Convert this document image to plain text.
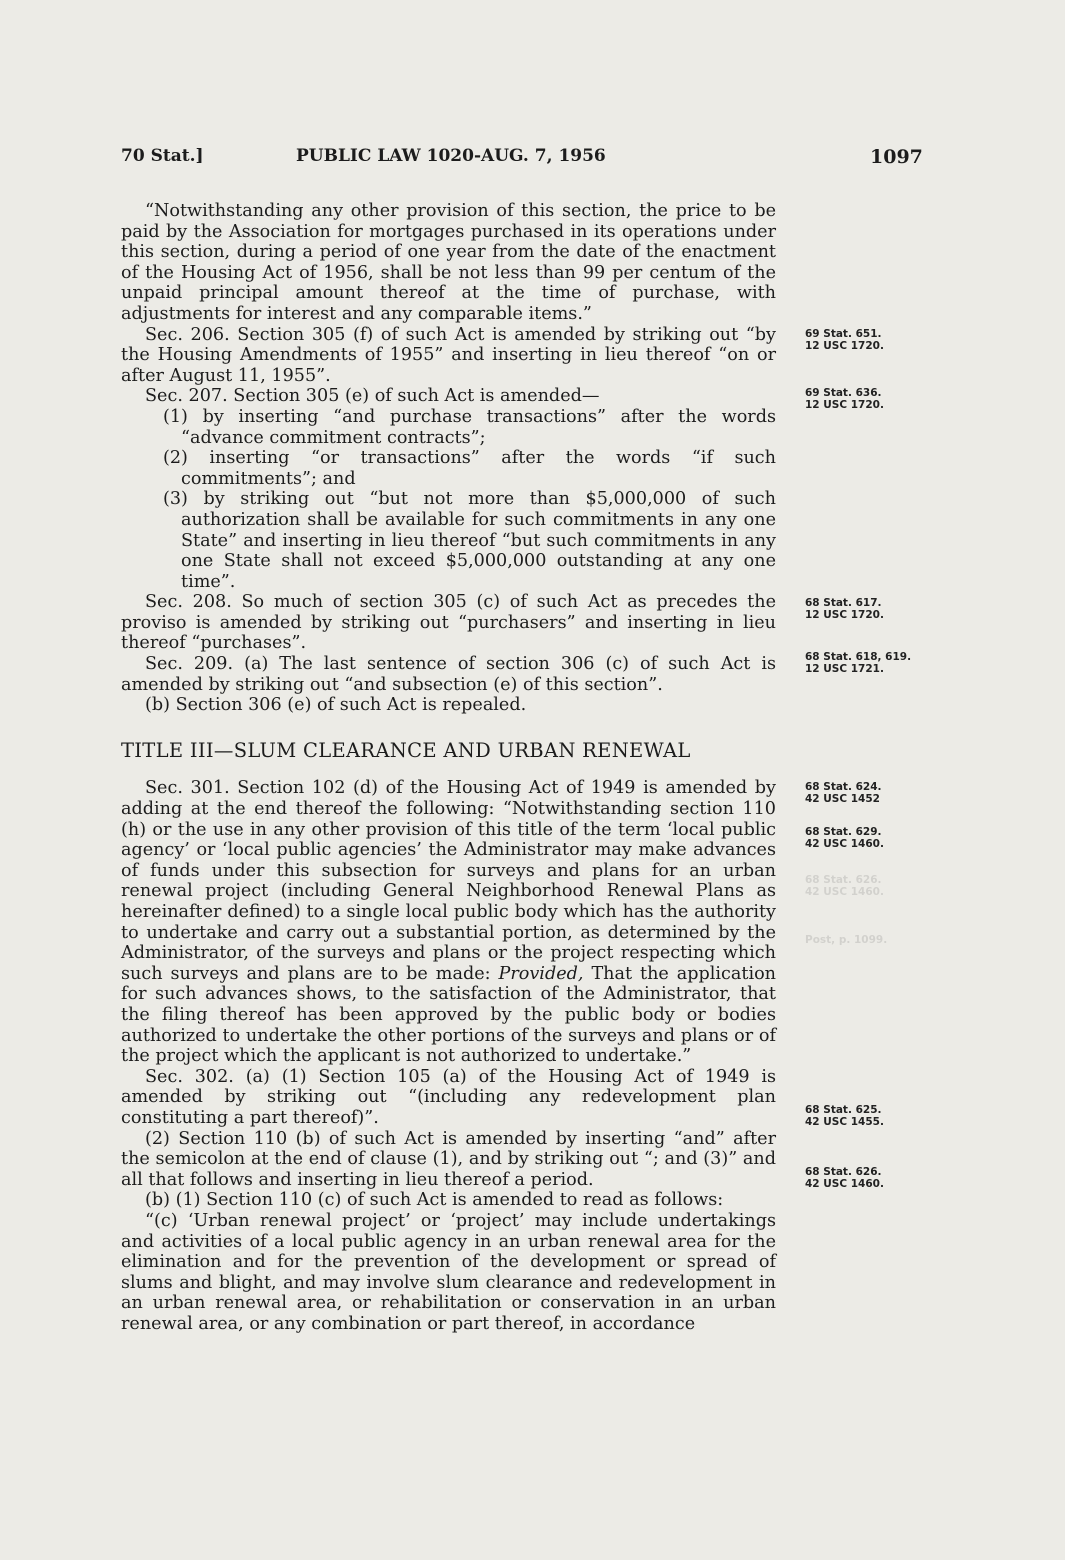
70 Stat.]	PUBLIC LAW 1020-AUG. 7, 1956	1097

“Notwithstanding any other provision of this section, the price to be paid by the Association for mortgages purchased in its operations under this section, during a period of one year from the date of the enactment of the Housing Act of 1956, shall be not less than 99 per centum of the unpaid principal amount thereof at the time of purchase, with adjustments for interest and any comparable items.”

Sec. 206. Section 305 (f) of such Act is amended by striking out “by the Housing Amendments of 1955” and inserting in lieu thereof “on or after August 11, 1955”.

Sec. 207. Section 305 (e) of such Act is amended—

(1) by inserting “and purchase transactions” after the words “advance commitment contracts”;

(2) inserting “or transactions” after the words “if such commitments”; and

(3) by striking out “but not more than $5,000,000 of such authorization shall be available for such commitments in any one State” and inserting in lieu thereof “but such commitments in any one State shall not exceed $5,000,000 outstanding at any one time”.

Sec. 208. So much of section 305 (c) of such Act as precedes the proviso is amended by striking out “purchasers” and inserting in lieu thereof “purchases”.

Sec. 209. (a) The last sentence of section 306 (c) of such Act is amended by striking out “and subsection (e) of this section”.

(b) Section 306 (e) of such Act is repealed.

TITLE III—SLUM CLEARANCE AND URBAN RENEWAL

Sec. 301. Section 102 (d) of the Housing Act of 1949 is amended by adding at the end thereof the following: “Notwithstanding section 110 (h) or the use in any other provision of this title of the term ‘local public agency’ or ‘local public agencies’ the Administrator may make advances of funds under this subsection for surveys and plans for an urban renewal project (including General Neighborhood Renewal Plans as hereinafter defined) to a single local public body which has the authority to undertake and carry out a substantial portion, as determined by the Administrator, of the surveys and plans or the project respecting which such surveys and plans are to be made: Provided, That the application for such advances shows, to the satisfaction of the Administrator, that the filing thereof has been approved by the public body or bodies authorized to undertake the other portions of the surveys and plans or of the project which the applicant is not authorized to undertake.”

Sec. 302. (a) (1) Section 105 (a) of the Housing Act of 1949 is amended by striking out “(including any redevelopment plan constituting a part thereof)”.

(2) Section 110 (b) of such Act is amended by inserting “and” after the semicolon at the end of clause (1), and by striking out “; and (3)” and all that follows and inserting in lieu thereof a period.

(b) (1) Section 110 (c) of such Act is amended to read as follows:

“(c) ‘Urban renewal project’ or ‘project’ may include undertakings and activities of a local public agency in an urban renewal area for the elimination and for the prevention of the development or spread of slums and blight, and may involve slum clearance and redevelopment in an urban renewal area, or rehabilitation or conservation in an urban renewal area, or any combination or part thereof, in accordance

69 Stat. 651.
12 USC 1720.
69 Stat. 636.
12 USC 1720.
68 Stat. 617.
12 USC 1720.
68 Stat. 618, 619.
12 USC 1721.
68 Stat. 624.
42 USC 1452
68 Stat. 629.
42 USC 1460.
68 Stat. 625.
42 USC 1455.
68 Stat. 626.
42 USC 1460.
68 Stat. 626.
42 USC 1460.
Post, p. 1099.
